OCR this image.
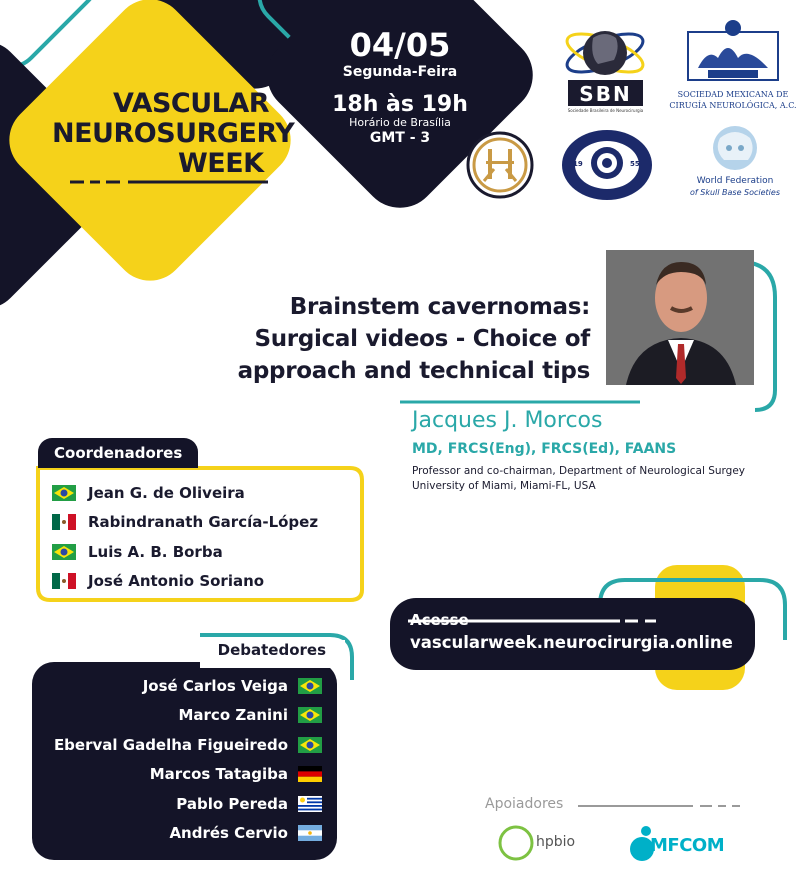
VASCULAR
NEUROSURGERY
WEEK
04/05
Segunda-Feira
18h às 19h
Horário de Brasília
GMT - 3
SBN
Sociedade Brasileira de Neurocirurgia
SOCIEDAD MEXICANA DE
CIRUGÍA NEUROLÓGICA, A.C.
19	55
World Federation
of Skull Base Societies
Brainstem cavernomas:
Surgical videos - Choice of
approach and technical tips
Jacques J. Morcos
MD, FRCS(Eng), FRCS(Ed), FAANS
Professor and co-chairman, Department of Neurological Surgey
University of Miami, Miami-FL, USA
Coordenadores
Jean G. de Oliveira
Rabindranath García-López
Luis A. B. Borba
José Antonio Soriano
Acesse
vascularweek.neurocirurgia.online
Debatedores
José Carlos Veiga
Marco Zanini
Eberval Gadelha Figueiredo
Marcos Tatagiba
Pablo Pereda
Andrés Cervio
Apoiadores
hpbio	MFCOM
